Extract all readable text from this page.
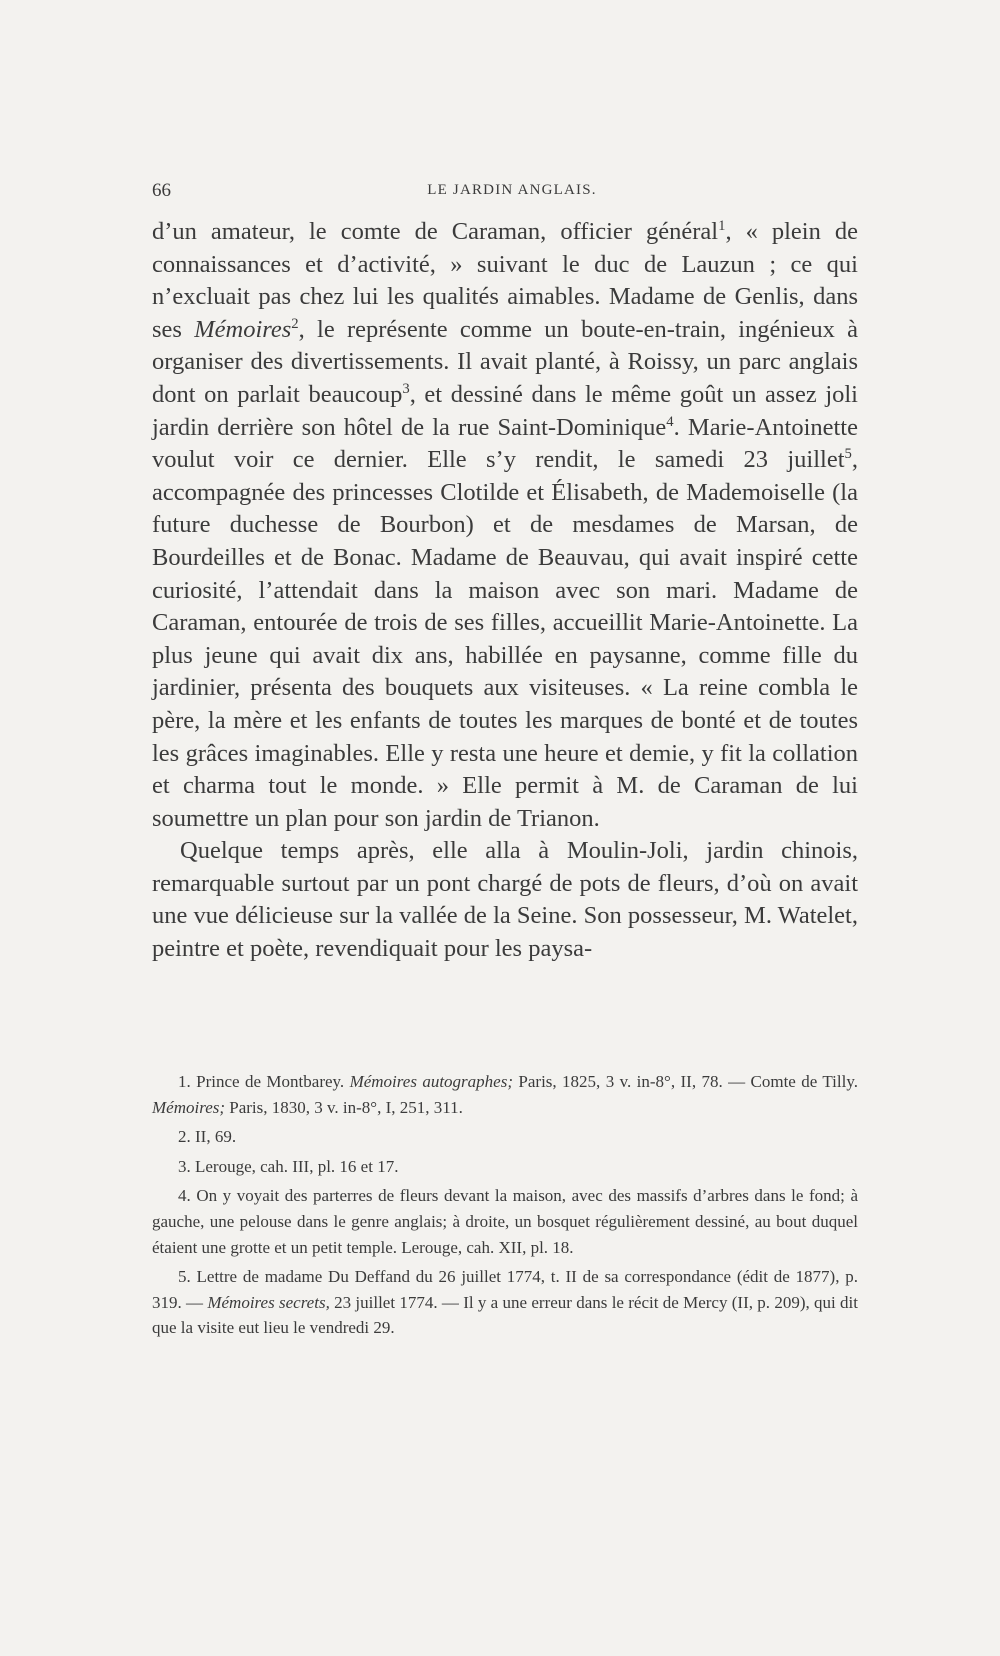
66	LE JARDIN ANGLAIS.

d’un amateur, le comte de Caraman, officier général$^1$, « plein de connaissances et d’activité, » suivant le duc de Lauzun ; ce qui n’excluait pas chez lui les qualités aimables. Madame de Genlis, dans ses Mémoires$^2$, le représente comme un boute-en-train, ingénieux à organiser des divertissements. Il avait planté, à Roissy, un parc anglais dont on parlait beaucoup$^3$, et dessiné dans le même goût un assez joli jardin derrière son hôtel de la rue Saint-Dominique$^4$. Marie-Antoinette voulut voir ce dernier. Elle s’y rendit, le samedi 23 juillet$^5$, accompagnée des princesses Clotilde et Élisabeth, de Mademoiselle (la future duchesse de Bourbon) et de mesdames de Marsan, de Bourdeilles et de Bonac. Madame de Beauvau, qui avait inspiré cette curiosité, l’attendait dans la maison avec son mari. Madame de Caraman, entourée de trois de ses filles, accueillit Marie-Antoinette. La plus jeune qui avait dix ans, habillée en paysanne, comme fille du jardinier, présenta des bouquets aux visiteuses. « La reine combla le père, la mère et les enfants de toutes les marques de bonté et de toutes les grâces imaginables. Elle y resta une heure et demie, y fit la collation et charma tout le monde. » Elle permit à M. de Caraman de lui soumettre un plan pour son jardin de Trianon.

Quelque temps après, elle alla à Moulin-Joli, jardin chinois, remarquable surtout par un pont chargé de pots de fleurs, d’où on avait une vue délicieuse sur la vallée de la Seine. Son possesseur, M. Watelet, peintre et poète, revendiquait pour les paysa-

1. Prince de Montbarey. Mémoires autographes; Paris, 1825, 3 v. in-8°, II, 78. — Comte de Tilly. Mémoires; Paris, 1830, 3 v. in-8°, I, 251, 311.

2. II, 69.

3. Lerouge, cah. III, pl. 16 et 17.

4. On y voyait des parterres de fleurs devant la maison, avec des massifs d’arbres dans le fond; à gauche, une pelouse dans le genre anglais; à droite, un bosquet régulièrement dessiné, au bout duquel étaient une grotte et un petit temple. Lerouge, cah. XII, pl. 18.

5. Lettre de madame Du Deffand du 26 juillet 1774, t. II de sa correspondance (édit de 1877), p. 319. — Mémoires secrets, 23 juillet 1774. — Il y a une erreur dans le récit de Mercy (II, p. 209), qui dit que la visite eut lieu le vendredi 29.
